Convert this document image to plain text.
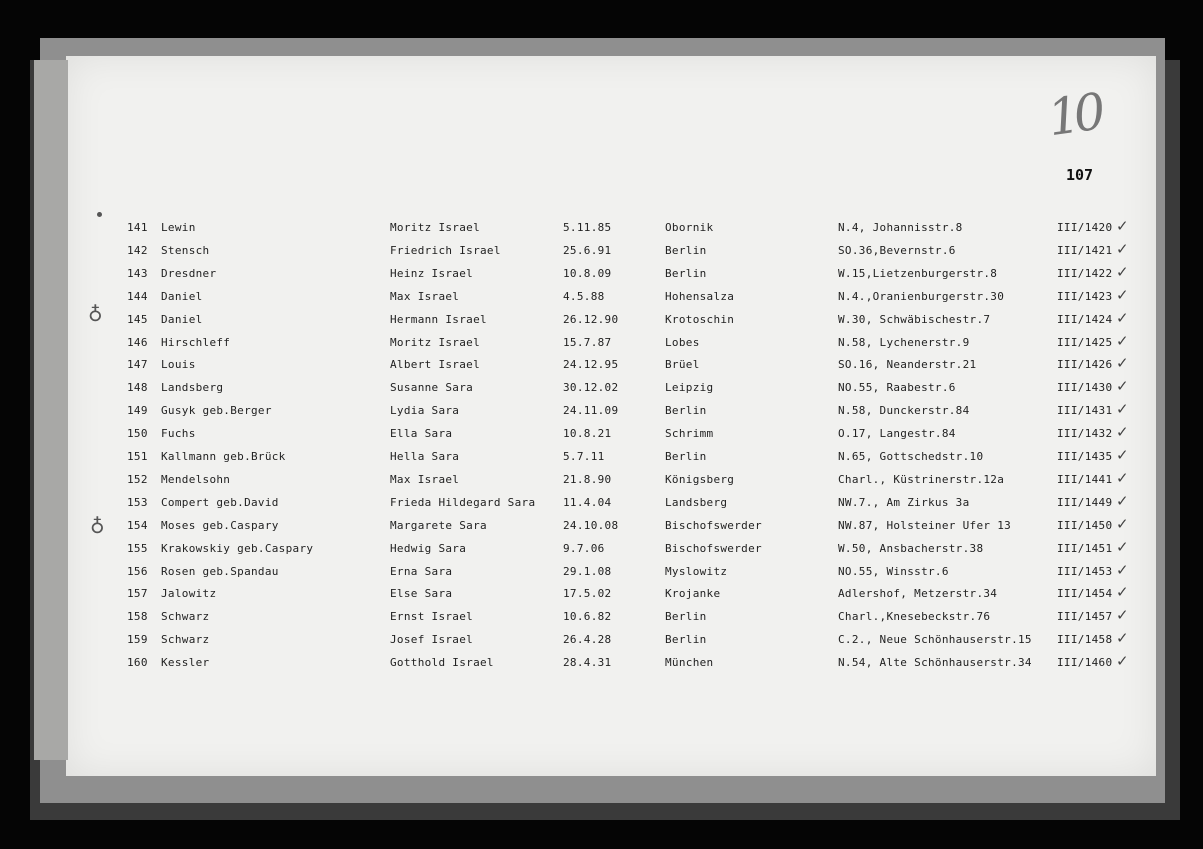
10
107
♁
♁
141 Lewin	Moritz Israel	5.11.85	Obornik	N.4, Johannisstr.8	III/1420 ✓
142 Stensch	Friedrich Israel	25.6.91	Berlin	SO.36,Bevernstr.6	III/1421 ✓
143 Dresdner	Heinz Israel	10.8.09	Berlin	W.15,Lietzenburgerstr.8	III/1422 ✓
144 Daniel	Max Israel	4.5.88	Hohensalza	N.4.,Oranienburgerstr.30	III/1423 ✓
145 Daniel	Hermann Israel	26.12.90	Krotoschin	W.30, Schwäbischestr.7	III/1424 ✓
146 Hirschleff	Moritz Israel	15.7.87	Lobes	N.58, Lychenerstr.9	III/1425 ✓
147 Louis	Albert Israel	24.12.95	Brüel	SO.16, Neanderstr.21	III/1426 ✓
148 Landsberg	Susanne Sara	30.12.02	Leipzig	NO.55, Raabestr.6	III/1430 ✓
149 Gusyk geb.Berger	Lydia Sara	24.11.09	Berlin	N.58, Dunckerstr.84	III/1431 ✓
150 Fuchs	Ella Sara	10.8.21	Schrimm	O.17, Langestr.84	III/1432 ✓
151 Kallmann geb.Brück	Hella Sara	5.7.11	Berlin	N.65, Gottschedstr.10	III/1435 ✓
152 Mendelsohn	Max Israel	21.8.90	Königsberg	Charl., Küstrinerstr.12a	III/1441 ✓
153 Compert geb.David	Frieda Hildegard Sara	11.4.04	Landsberg	NW.7., Am Zirkus 3a	III/1449 ✓
154 Moses geb.Caspary	Margarete Sara	24.10.08	Bischofswerder	NW.87, Holsteiner Ufer 13	III/1450 ✓
155 Krakowskiy geb.Caspary	Hedwig Sara	9.7.06	Bischofswerder	W.50, Ansbacherstr.38	III/1451 ✓
156 Rosen geb.Spandau	Erna Sara	29.1.08	Myslowitz	NO.55, Winsstr.6	III/1453 ✓
157 Jalowitz	Else Sara	17.5.02	Krojanke	Adlershof, Metzerstr.34	III/1454 ✓
158 Schwarz	Ernst Israel	10.6.82	Berlin	Charl.,Knesebeckstr.76	III/1457 ✓
159 Schwarz	Josef Israel	26.4.28	Berlin	C.2., Neue Schönhauserstr.15 III/1458 ✓
160 Kessler	Gotthold Israel	28.4.31	München	N.54, Alte Schönhauserstr.34 III/1460 ✓
